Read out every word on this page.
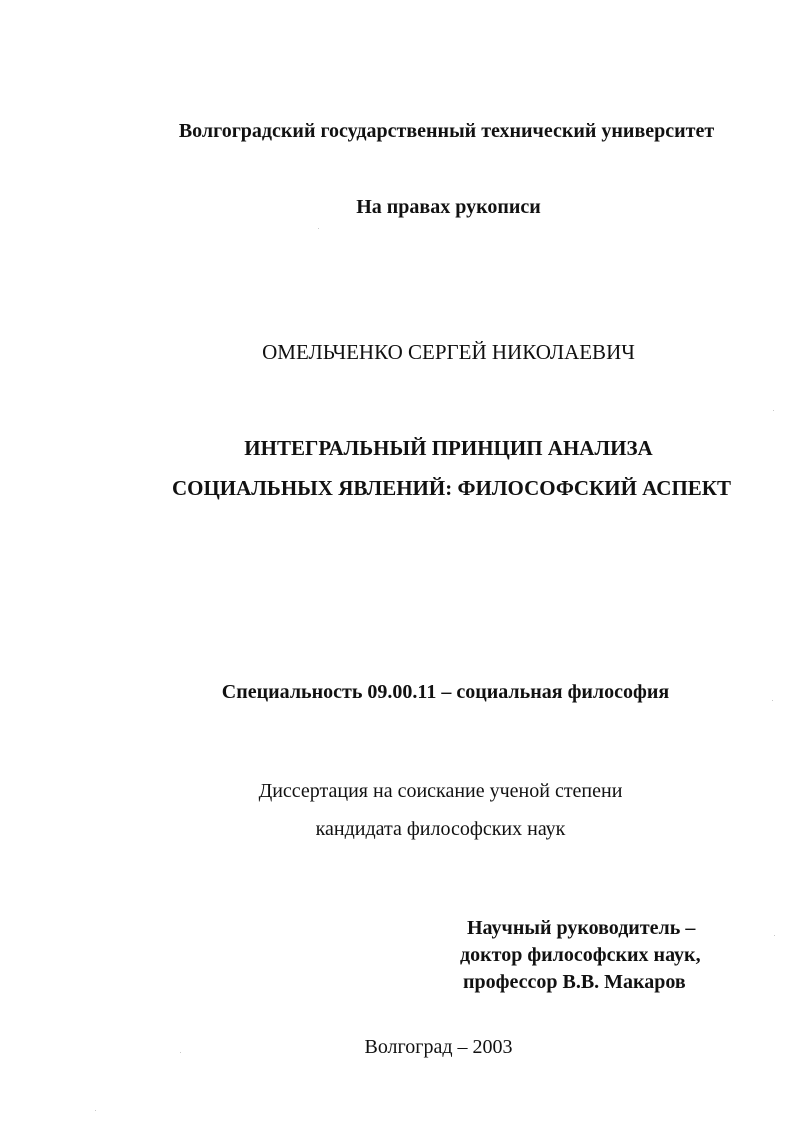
Волгоградский государственный технический университет
На правах рукописи
ОМЕЛЬЧЕНКО СЕРГЕЙ НИКОЛАЕВИЧ
ИНТЕГРАЛЬНЫЙ ПРИНЦИП АНАЛИЗА
СОЦИАЛЬНЫХ ЯВЛЕНИЙ: ФИЛОСОФСКИЙ АСПЕКТ
Специальность 09.00.11 – социальная философия
Диссертация на соискание ученой степени
кандидата философских наук
Научный руководитель –
доктор философских наук,
профессор В.В. Макаров
Волгоград – 2003
